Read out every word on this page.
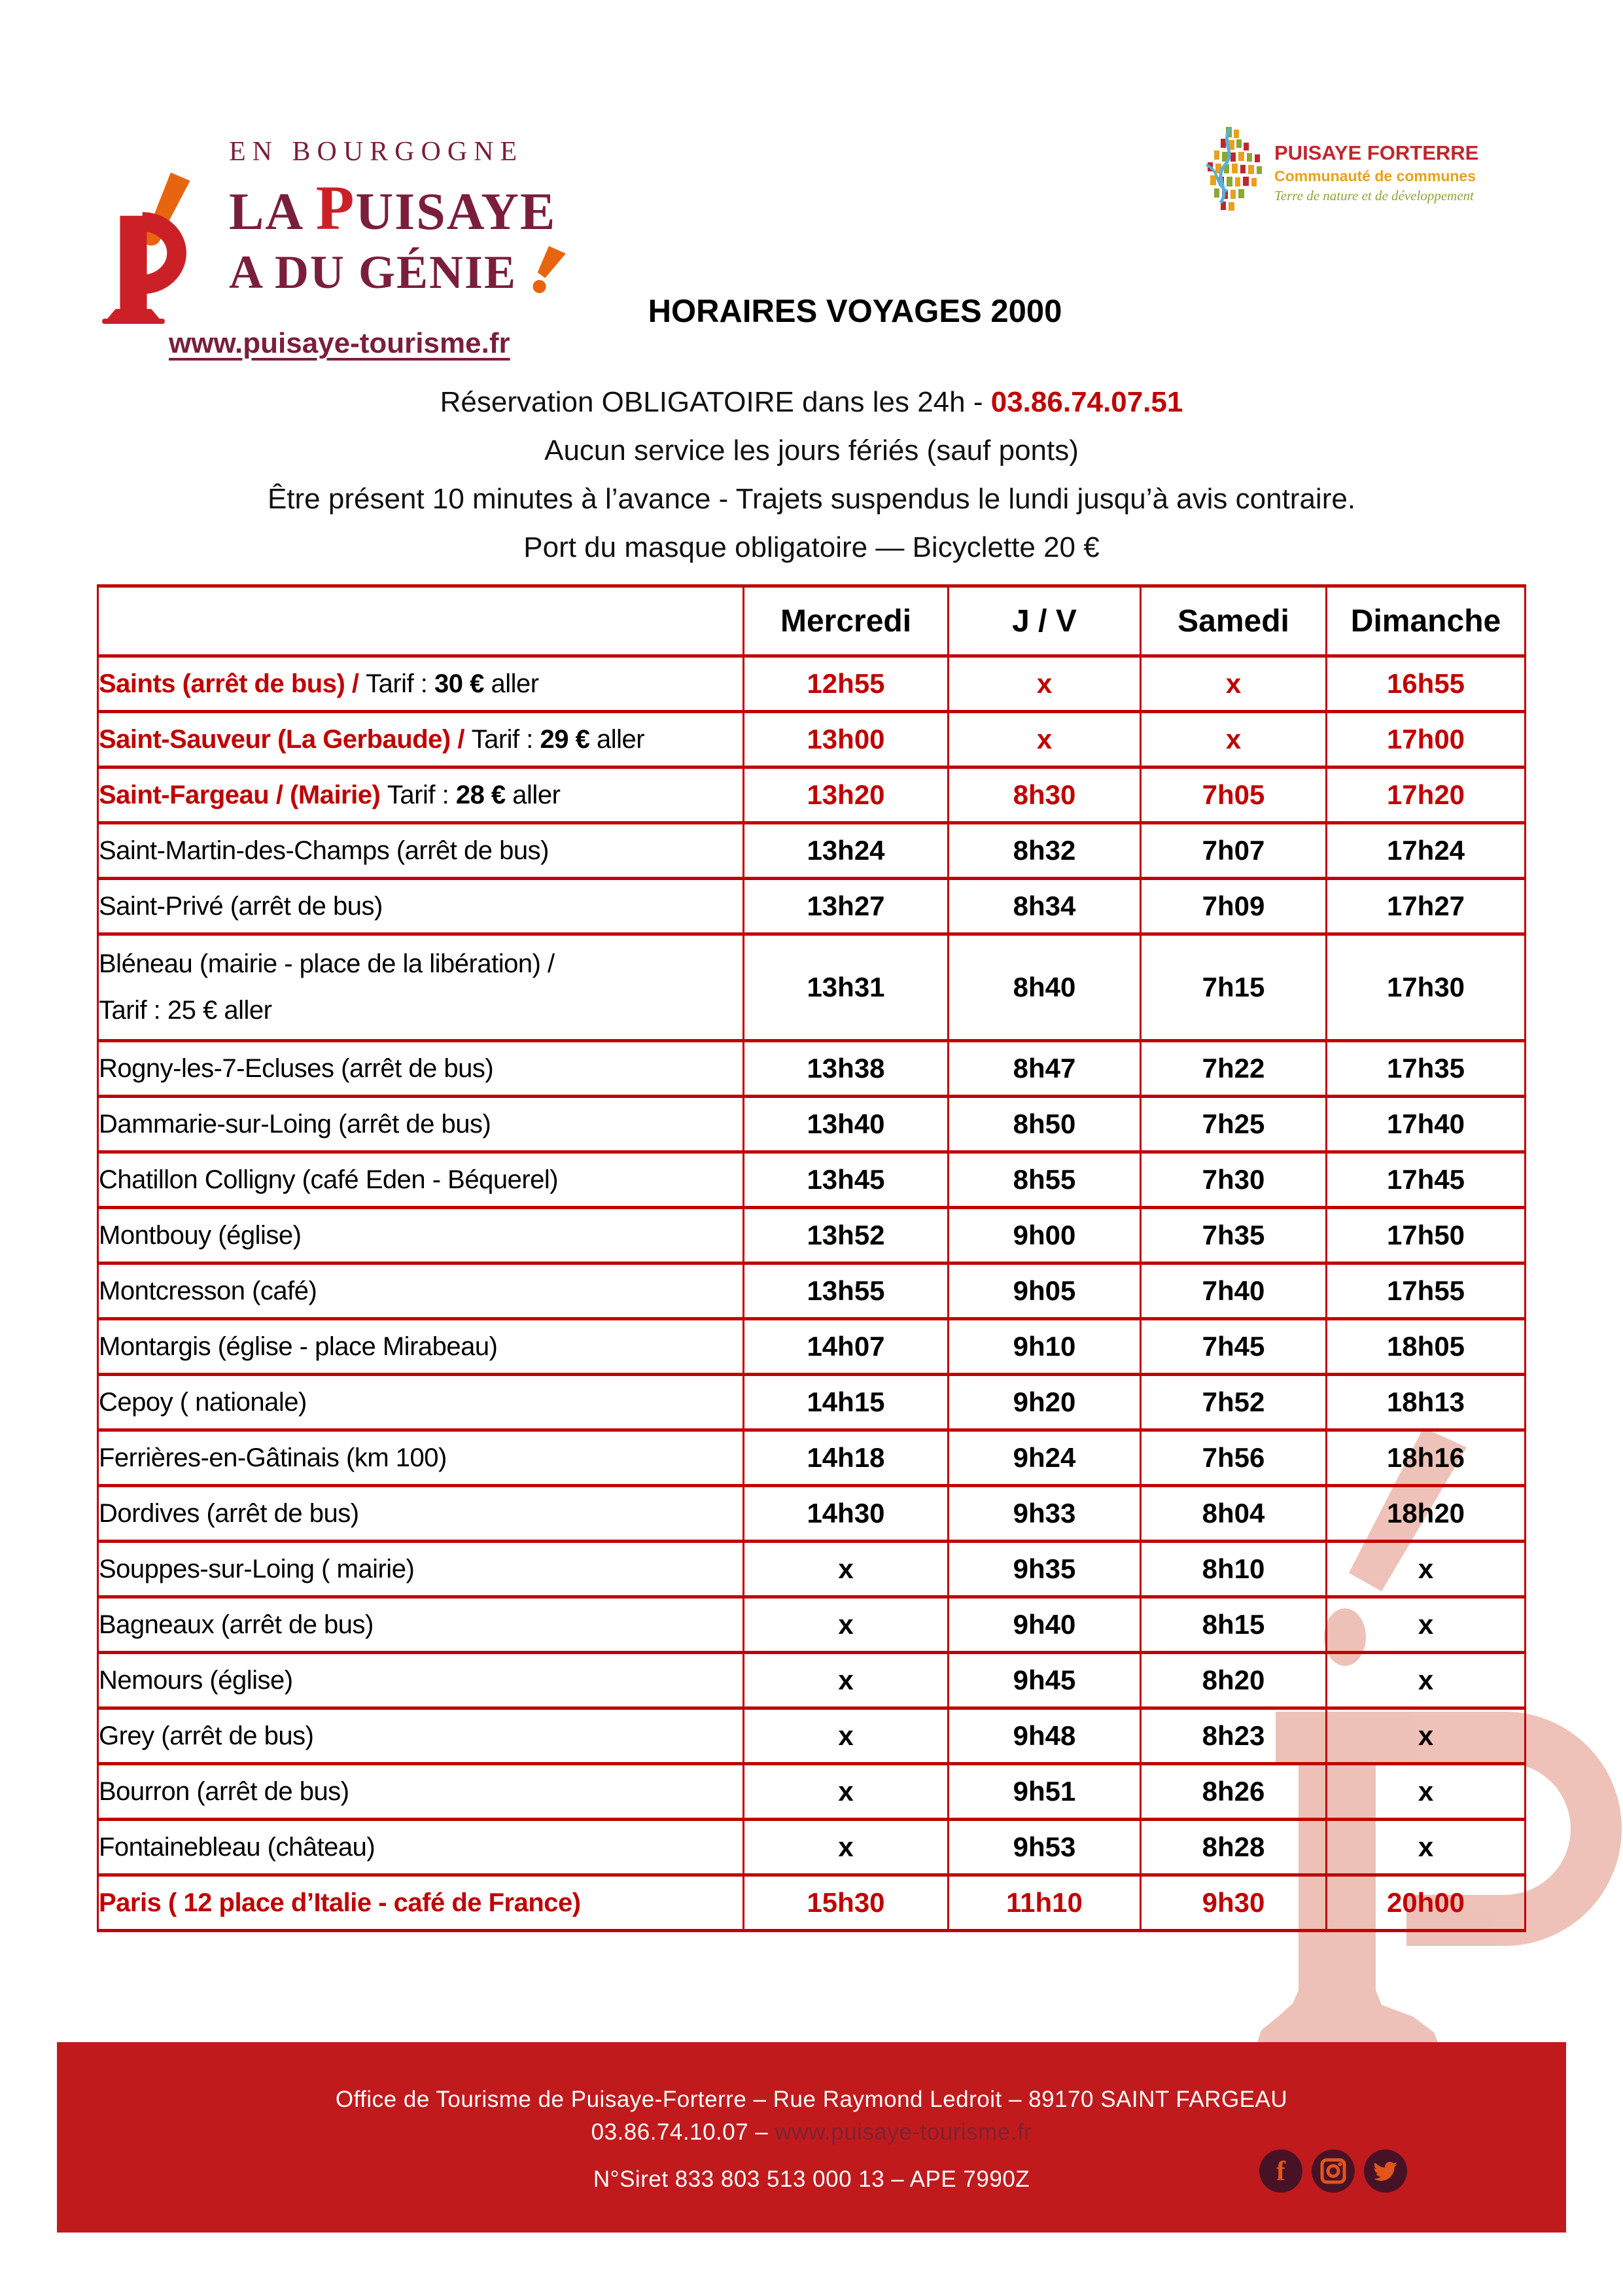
EN BOURGOGNE
LA PUISAYE
A DU GÉNIE
www.puisaye-tourisme.fr
PUISAYE FORTERRE
Communauté de communes
Terre de nature et de développement
HORAIRES VOYAGES 2000
Réservation OBLIGATOIRE dans les 24h - 03.86.74.07.51
Aucun service les jours fériés (sauf ponts)
Être présent 10 minutes à l’avance - Trajets suspendus le lundi jusqu’à avis contraire.
Port du masque obligatoire — Bicyclette 20 €
	Mercredi	J / V	Samedi	Dimanche
Saints (arrêt de bus) / Tarif : 30 € aller	12h55	x	x	16h55
Saint-Sauveur (La Gerbaude) / Tarif : 29 € aller	13h00	x	x	17h00
Saint-Fargeau / (Mairie) Tarif : 28 € aller	13h20	8h30	7h05	17h20
Saint-Martin-des-Champs (arrêt de bus)	13h24	8h32	7h07	17h24
Saint-Privé (arrêt de bus)	13h27	8h34	7h09	17h27
Bléneau (mairie - place de la libération) /
Tarif : 25 € aller	13h31	8h40	7h15	17h30
Rogny-les-7-Ecluses (arrêt de bus)	13h38	8h47	7h22	17h35
Dammarie-sur-Loing (arrêt de bus)	13h40	8h50	7h25	17h40
Chatillon Colligny (café Eden - Béquerel)	13h45	8h55	7h30	17h45
Montbouy (église)	13h52	9h00	7h35	17h50
Montcresson (café)	13h55	9h05	7h40	17h55
Montargis (église - place Mirabeau)	14h07	9h10	7h45	18h05
Cepoy ( nationale)	14h15	9h20	7h52	18h13
Ferrières-en-Gâtinais (km 100)	14h18	9h24	7h56	18h16
Dordives (arrêt de bus)	14h30	9h33	8h04	18h20
Souppes-sur-Loing ( mairie)	x	9h35	8h10	x
Bagneaux (arrêt de bus)	x	9h40	8h15	x
Nemours (église)	x	9h45	8h20	x
Grey (arrêt de bus)	x	9h48	8h23	x
Bourron (arrêt de bus)	x	9h51	8h26	x
Fontainebleau (château)	x	9h53	8h28	x
Paris ( 12 place d’Italie - café de France)	15h30	11h10	9h30	20h00
Office de Tourisme de Puisaye-Forterre – Rue Raymond Ledroit – 89170 SAINT FARGEAU
03.86.74.10.07 – www.puisaye-tourisme.fr
N°Siret 833 803 513 000 13 – APE 7990Z	f
